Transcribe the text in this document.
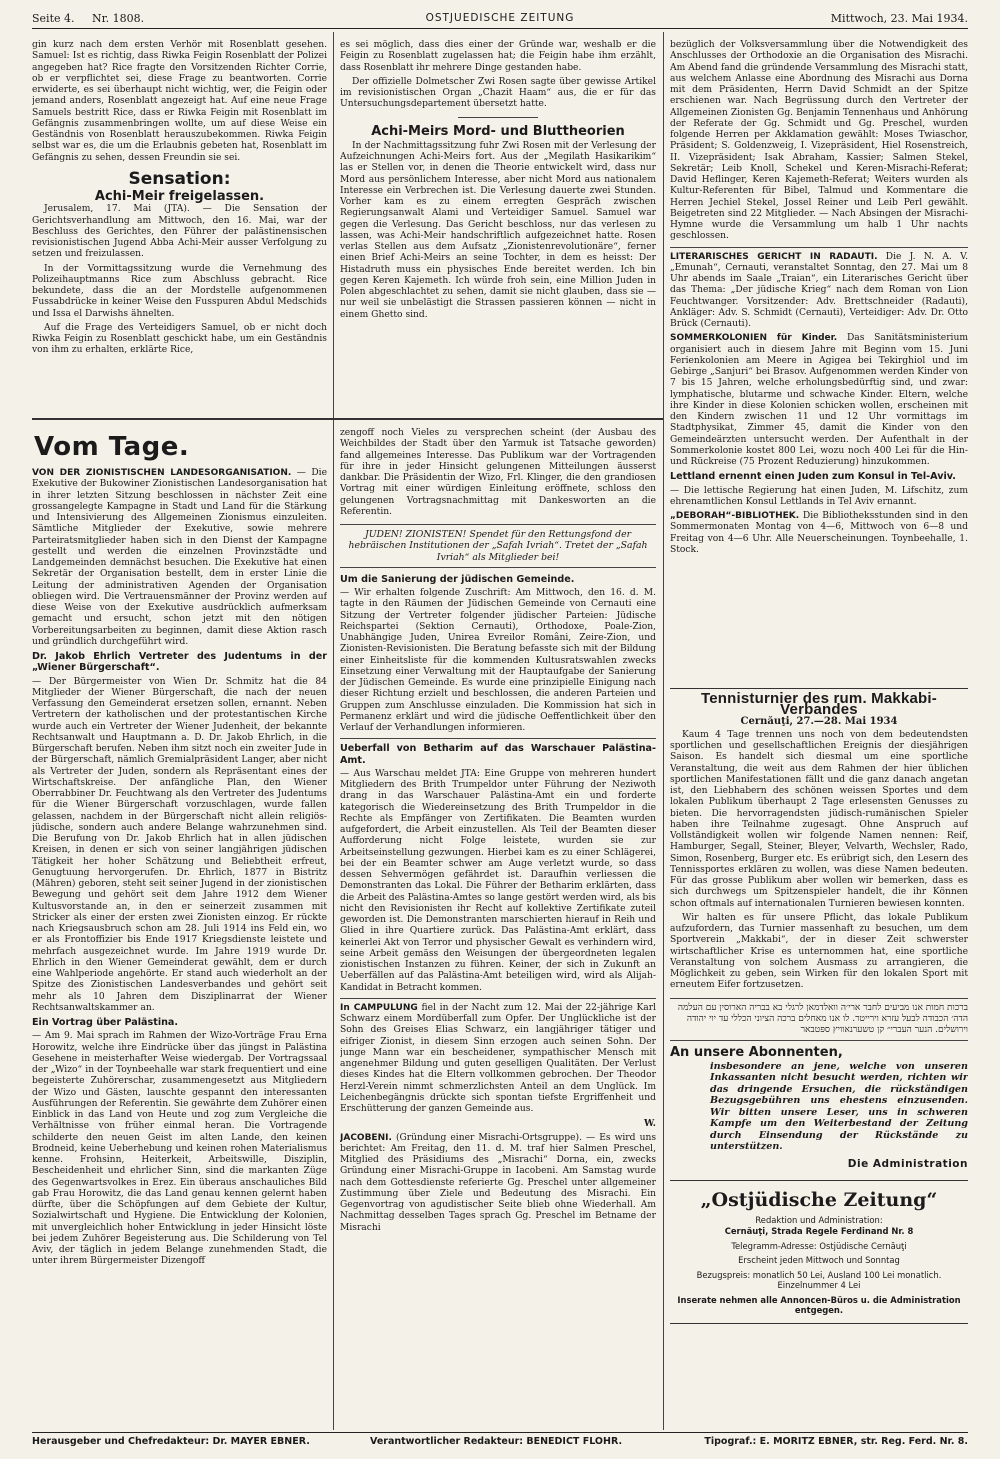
Seite 4. Nr. 1808.	OSTJUEDISCHE ZEITUNG	Mittwoch, 23. Mai 1934.

gin kurz nach dem ersten Verhör mit Rosenblatt gesehen. Samuel: Ist es richtig, dass Riwka Feigin Rosenblatt der Polizei angegeben hat? Rice fragte den Vorsitzenden Richter Corrie, ob er verpflichtet sei, diese Frage zu beantworten. Corrie erwiderte, es sei überhaupt nicht wichtig, wer, die Feigin oder jemand anders, Rosenblatt angezeigt hat. Auf eine neue Frage Samuels bestritt Rice, dass er Riwka Feigin mit Rosenblatt im Gefängnis zusammenbringen wollte, um auf diese Weise ein Geständnis von Rosenblatt herauszubekommen. Riwka Feigin selbst war es, die um die Erlaubnis gebeten hat, Rosenblatt im Gefängnis zu sehen, dessen Freundin sie sei.

Sensation:
Achi-Meir freigelassen.

Jerusalem, 17. Mai (JTA). — Die Sensation der Gerichtsverhandlung am Mittwoch, den 16. Mai, war der Beschluss des Gerichtes, den Führer der palästinensischen revisionistischen Jugend Abba Achi-Meir ausser Verfolgung zu setzen und freizulassen.

In der Vormittagssitzung wurde die Vernehmung des Polizeihauptmanns Rice zum Abschluss gebracht. Rice bekundete, dass die an der Mordstelle aufgenommenen Fussabdrücke in keiner Weise den Fusspuren Abdul Medschids und Issa el Darwishs ähnelten.

Auf die Frage des Verteidigers Samuel, ob er nicht doch Riwka Feigin zu Rosenblatt geschickt habe, um ein Geständnis von ihm zu erhalten, erklärte Rice,

es sei möglich, dass dies einer der Gründe war, weshalb er die Feigin zu Rosenblatt zugelassen hat; die Feigin habe ihm erzählt, dass Rosenblatt ihr mehrere Dinge gestanden habe.

Der offizielle Dolmetscher Zwi Rosen sagte über gewisse Artikel im revisionistischen Organ „Chazit Haam“ aus, die er für das Untersuchungsdepartement übersetzt hatte.

Achi-Meirs Mord- und Bluttheorien

In der Nachmittagssitzung fuhr Zwi Rosen mit der Verlesung der Aufzeichnungen Achi-Meirs fort. Aus der „Megilath Hasikarikim“ las er Stellen vor, in denen die Theorie entwickelt wird, dass nur Mord aus persönlichem Interesse, aber nicht Mord aus nationalem Interesse ein Verbrechen ist. Die Verlesung dauerte zwei Stunden. Vorher kam es zu einem erregten Gespräch zwischen Regierungsanwalt Alami und Verteidiger Samuel. Samuel war gegen die Verlesung. Das Gericht beschloss, nur das verlesen zu lassen, was Achi-Meir handschriftlich aufgezeichnet hatte. Rosen verlas Stellen aus dem Aufsatz „Zionistenrevolutionäre“, ferner einen Brief Achi-Meirs an seine Tochter, in dem es heisst: Der Histadruth muss ein physisches Ende bereitet werden. Ich bin gegen Keren Kajemeth. Ich würde froh sein, eine Million Juden in Polen abgeschlachtet zu sehen, damit sie nicht glauben, dass sie — nur weil sie unbelästigt die Strassen passieren können — nicht in einem Ghetto sind.

Vom Tage.

VON DER ZIONISTISCHEN LANDESORGANISATION. — Die Exekutive der Bukowiner Zionistischen Landesorganisation hat in ihrer letzten Sitzung beschlossen in nächster Zeit eine grossangelegte Kampagne in Stadt und Land für die Stärkung und Intensivierung des Allgemeinen Zionismus einzuleiten. Sämtliche Mitglieder der Exekutive, sowie mehrere Parteiratsmitglieder haben sich in den Dienst der Kampagne gestellt und werden die einzelnen Provinzstädte und Landgemeinden demnächst besuchen. Die Exekutive hat einen Sekretär der Organisation bestellt, dem in erster Linie die Leitung der administrativen Agenden der Organisation obliegen wird. Die Vertrauensmänner der Provinz werden auf diese Weise von der Exekutive ausdrücklich aufmerksam gemacht und ersucht, schon jetzt mit den nötigen Vorbereitungsarbeiten zu beginnen, damit diese Aktion rasch und gründlich durchgeführt wird.

Dr. Jakob Ehrlich Vertreter des Judentums in der „Wiener Bürgerschaft“.

— Der Bürgermeister von Wien Dr. Schmitz hat die 84 Mitglieder der Wiener Bürgerschaft, die nach der neuen Verfassung den Gemeinderat ersetzen sollen, ernannt. Neben Vertretern der katholischen und der protestantischen Kirche wurde auch ein Vertreter der Wiener Judenheit, der bekannte Rechtsanwalt und Hauptmann a. D. Dr. Jakob Ehrlich, in die Bürgerschaft berufen. Neben ihm sitzt noch ein zweiter Jude in der Bürgerschaft, nämlich Gremialpräsident Langer, aber nicht als Vertreter der Juden, sondern als Repräsentant eines der Wirtschaftskreise. Der anfängliche Plan, den Wiener Oberrabbiner Dr. Feuchtwang als den Vertreter des Judentums für die Wiener Bürgerschaft vorzuschlagen, wurde fallen gelassen, nachdem in der Bürgerschaft nicht allein religiös-jüdische, sondern auch andere Belange wahrzunehmen sind. Die Berufung von Dr. Jakob Ehrlich hat in allen jüdischen Kreisen, in denen er sich von seiner langjährigen jüdischen Tätigkeit her hoher Schätzung und Beliebtheit erfreut, Genugtuung hervorgerufen. Dr. Ehrlich, 1877 in Bistritz (Mähren) geboren, steht seit seiner Jugend in der zionistischen Bewegung und gehört seit dem Jahre 1912 dem Wiener Kultusvorstande an, in den er seinerzeit zusammen mit Stricker als einer der ersten zwei Zionisten einzog. Er rückte nach Kriegsausbruch schon am 28. Juli 1914 ins Feld ein, wo er als Frontoffizier bis Ende 1917 Kriegsdienste leistete und mehrfach ausgezeichnet wurde. Im Jahre 1919 wurde Dr. Ehrlich in den Wiener Gemeinderat gewählt, dem er durch eine Wahlperiode angehörte. Er stand auch wiederholt an der Spitze des Zionistischen Landesverbandes und gehört seit mehr als 10 Jahren dem Disziplinarrat der Wiener Rechtsanwaltskammer an.

Ein Vortrag über Palästina.

— Am 9. Mai sprach im Rahmen der Wizo-Vorträge Frau Erna Horowitz, welche ihre Eindrücke über das jüngst in Palästina Gesehene in meisterhafter Weise wiedergab. Der Vortragssaal der „Wizo“ in der Toynbeehalle war stark frequentiert und eine begeisterte Zuhörerschar, zusammengesetzt aus Mitgliedern der Wizo und Gästen, lauschte gespannt den interessanten Ausführungen der Referentin. Sie gewährte dem Zuhörer einen Einblick in das Land von Heute und zog zum Vergleiche die Verhältnisse von früher einmal heran. Die Vortragende schilderte den neuen Geist im alten Lande, den keinen Brodneid, keine Ueberhebung und keinen rohen Materialismus kenne. Frohsinn, Heiterkeit, Arbeitswille, Disziplin, Bescheidenheit und ehrlicher Sinn, sind die markanten Züge des Gegenwartsvolkes in Erez. Ein überaus anschauliches Bild gab Frau Horowitz, die das Land genau kennen gelernt haben dürfte, über die Schöpfungen auf dem Gebiete der Kultur, Sozialwirtschaft und Hygiene. Die Entwicklung der Kolonien, mit unvergleichlich hoher Entwicklung in jeder Hinsicht löste bei jedem Zuhörer Begeisterung aus. Die Schilderung von Tel Aviv, der täglich in jedem Belange zunehmenden Stadt, die unter ihrem Bürgermeister Dizengoff

zengoff noch Vieles zu versprechen scheint (der Ausbau des Weichbildes der Stadt über den Yarmuk ist Tatsache geworden) fand allgemeines Interesse. Das Publikum war der Vortragenden für ihre in jeder Hinsicht gelungenen Mitteilungen äusserst dankbar. Die Präsidentin der Wizo, Frl. Klinger, die den grandiosen Vortrag mit einer würdigen Einleitung eröffnete, schloss den gelungenen Vortragsnachmittag mit Dankesworten an die Referentin.

JUDEN! ZIONISTEN! Spendet für den Rettungsfond der hebräischen Institutionen der „Safah Ivriah“. Tretet der „Safah Ivriah“ als Mitglieder bei!

Um die Sanierung der jüdischen Gemeinde.

— Wir erhalten folgende Zuschrift: Am Mittwoch, den 16. d. M. tagte in den Räumen der Jüdischen Gemeinde von Cernauti eine Sitzung der Vertreter folgender jüdischer Parteien: Jüdische Reichspartei (Sektion Cernauti), Orthodoxe, Poale-Zion, Unabhängige Juden, Unirea Evreilor Români, Zeire-Zion, und Zionisten-Revisionisten. Die Beratung befasste sich mit der Bildung einer Einheitsliste für die kommenden Kultusratswahlen zwecks Einsetzung einer Verwaltung mit der Hauptaufgabe der Sanierung der Jüdischen Gemeinde. Es wurde eine prinzipielle Einigung nach dieser Richtung erzielt und beschlossen, die anderen Parteien und Gruppen zum Anschlusse einzuladen. Die Kommission hat sich in Permanenz erklärt und wird die jüdische Oeffentlichkeit über den Verlauf der Verhandlungen informieren.

Ueberfall von Betharim auf das Warschauer Palästina-Amt.

— Aus Warschau meldet JTA: Eine Gruppe von mehreren hundert Mitgliedern des Brith Trumpeldor unter Führung der Neziwoth drang in das Warschauer Palästina-Amt ein und forderte kategorisch die Wiedereinsetzung des Brith Trumpeldor in die Rechte als Empfänger von Zertifikaten. Die Beamten wurden aufgefordert, die Arbeit einzustellen. Als Teil der Beamten dieser Aufforderung nicht Folge leistete, wurden sie zur Arbeitseinstellung gezwungen. Hierbei kam es zu einer Schlägerei, bei der ein Beamter schwer am Auge verletzt wurde, so dass dessen Sehvermögen gefährdet ist. Daraufhin verliessen die Demonstranten das Lokal. Die Führer der Betharim erklärten, dass die Arbeit des Palästina-Amtes so lange gestört werden wird, als bis nicht den Revisionisten ihr Recht auf kollektive Zertifikate zuteil geworden ist. Die Demonstranten marschierten hierauf in Reih und Glied in ihre Quartiere zurück. Das Palästina-Amt erklärt, dass keinerlei Akt von Terror und physischer Gewalt es verhindern wird, seine Arbeit gemäss den Weisungen der übergeordneten legalen zionistischen Instanzen zu führen. Keiner, der sich in Zukunft an Ueberfällen auf das Palästina-Amt beteiligen wird, wird als Alijah-Kandidat in Betracht kommen.

In CAMPULUNG fiel in der Nacht zum 12. Mai der 22-jährige Karl Schwarz einem Mordüberfall zum Opfer. Der Unglückliche ist der Sohn des Greises Elias Schwarz, ein langjähriger tätiger und eifriger Zionist, in diesem Sinn erzogen auch seinen Sohn. Der junge Mann war ein bescheidener, sympathischer Mensch mit angenehmer Bildung und guten geselligen Qualitäten. Der Verlust dieses Kindes hat die Eltern vollkommen gebrochen. Der Theodor Herzl-Verein nimmt schmerzlichsten Anteil an dem Unglück. Im Leichenbegängnis drückte sich spontan tiefste Ergriffenheit und Erschütterung der ganzen Gemeinde aus.

W.

JACOBENI. (Gründung einer Misrachi-Ortsgruppe). — Es wird uns berichtet: Am Freitag, den 11. d. M. traf hier Salmen Preschel, Mitglied des Präsidiums des „Misrachi“ Dorna, ein, zwecks Gründung einer Misrachi-Gruppe in Iacobeni. Am Samstag wurde nach dem Gottesdienste referierte Gg. Preschel unter allgemeiner Zustimmung über Ziele und Bedeutung des Misrachi. Ein Gegenvortrag von agudistischer Seite blieb ohne Wiederhall. Am Nachmittag desselben Tages sprach Gg. Preschel im Betname der Misrachi

bezüglich der Volksversammlung über die Notwendigkeit des Anschlusses der Orthodoxie an die Organisation des Misrachi. Am Abend fand die gründende Versammlung des Misrachi statt, aus welchem Anlasse eine Abordnung des Misrachi aus Dorna mit dem Präsidenten, Herrn David Schmidt an der Spitze erschienen war. Nach Begrüssung durch den Vertreter der Allgemeinen Zionisten Gg. Benjamin Tennenhaus und Anhörung der Referate der Gg. Schmidt und Gg. Preschel, wurden folgende Herren per Akklamation gewählt: Moses Twiaschor, Präsident; S. Goldenzweig, I. Vizepräsident, Hiel Rosenstreich, II. Vizepräsident; Isak Abraham, Kassier; Salmen Stekel, Sekretär; Leib Knoll, Schekel und Keren-Misrachi-Referat; David Heflinger, Keren Kajemeth-Referat; Weiters wurden als Kultur-Referenten für Bibel, Talmud und Kommentare die Herren Jechiel Stekel, Jossel Reiner und Leib Perl gewählt. Beigetreten sind 22 Mitglieder. — Nach Absingen der Misrachi-Hymne wurde die Versammlung um halb 1 Uhr nachts geschlossen.

LITERARISCHES GERICHT IN RADAUTI. Die J. N. A. V. „Emunah“, Cernauti, veranstaltet Sonntag, den 27. Mai um 8 Uhr abends im Saale „Traian“, ein Literarisches Gericht über das Thema: „Der jüdische Krieg“ nach dem Roman von Lion Feuchtwanger. Vorsitzender: Adv. Brettschneider (Radauti), Ankläger: Adv. S. Schmidt (Cernauti), Verteidiger: Adv. Dr. Otto Brück (Cernauti).

SOMMERKOLONIEN für Kinder. Das Sanitätsministerium organisiert auch in diesem Jahre mit Beginn vom 15. Juni Ferienkolonien am Meere in Agigea bei Tekirghiol und im Gebirge „Sanjuri“ bei Brasov. Aufgenommen werden Kinder von 7 bis 15 Jahren, welche erholungsbedürftig sind, und zwar: lymphatische, blutarme und schwache Kinder. Eltern, welche ihre Kinder in diese Kolonien schicken wollen, erscheinen mit den Kindern zwischen 11 und 12 Uhr vormittags im Stadtphysikat, Zimmer 45, damit die Kinder von den Gemeindeärzten untersucht werden. Der Aufenthalt in der Sommerkolonie kostet 800 Lei, wozu noch 400 Lei für die Hin- und Rückreise (75 Prozent Reduzierung) hinzukommen.

Lettland ernennt einen Juden zum Konsul in Tel-Aviv.

— Die lettische Regierung hat einen Juden, M. Lifschitz, zum ehrenamtlichen Konsul Lettlands in Tel Aviv ernannt.

„DEBORAH“-BIBLIOTHEK. Die Bibliotheksstunden sind in den Sommermonaten Montag von 4—6, Mittwoch von 6—8 und Freitag von 4—6 Uhr. Alle Neuerscheinungen. Toynbeehalle, 1. Stock.

Tennisturnier des rum. Makkabi-Verbandes
Cernăuţi, 27.—28. Mai 1934

Kaum 4 Tage trennen uns noch von dem bedeutendsten sportlichen und gesellschaftlichen Ereignis der diesjährigen Saison. Es handelt sich diesmal um eine sportliche Veranstaltung, die weit aus dem Rahmen der hier üblichen sportlichen Manifestationen fällt und die ganz danach angetan ist, den Liebhabern des schönen weissen Sportes und dem lokalen Publikum überhaupt 2 Tage erlesensten Genusses zu bieten. Die hervorragendsten jüdisch-rumänischen Spieler haben ihre Teilnahme zugesagt. Ohne Anspruch auf Vollständigkeit wollen wir folgende Namen nennen: Reif, Hamburger, Segall, Steiner, Bleyer, Velvarth, Wechsler, Rado, Simon, Rosenberg, Burger etc. Es erübrigt sich, den Lesern des Tennissportes erklären zu wollen, was diese Namen bedeuten. Für das grosse Publikum aber wollen wir bemerken, dass es sich durchwegs um Spitzenspieler handelt, die ihr Können schon oftmals auf internationalen Turnieren bewiesen konnten.

Wir halten es für unsere Pflicht, das lokale Publikum aufzufordern, das Turnier massenhaft zu besuchen, um dem Sportverein „Makkabi“, der in dieser Zeit schwerster wirtschaftlicher Krise es unternommen hat, eine sportliche Veranstaltung von solchem Ausmass zu arrangieren, die Möglichkeit zu geben, sein Wirken für den lokalen Sport mit erneutem Eifer fortzusetzen.

ברכות חמות אנו מביעים לחבר ארי׳ה וואלדמאן לרגלי בא בבריה הארוסין עם העלמה הדה׳ הכבודה לבעל עזרא וירייטר. לו אנו מאחלים ברכה הציוני הכללי עד יוי יהודה וירושלים. הנער העברי״ קן טשערנאוויץ ספּטבאר
An unsere Abonnenten,
insbesondere an jene, welche von unseren Inkassanten nicht besucht werden, richten wir das dringende Ersuchen, die rückständigen Bezugsgebühren uns ehestens einzusenden. Wir bitten unsere Leser, uns in schweren Kampfe um den Weiterbestand der Zeitung durch Einsendung der Rückstände zu unterstützen.
Die Administration
„Ostjüdische Zeitung“
Redaktion und Administration:
Cernăuţi, Strada Regele Ferdinand Nr. 8
Telegramm-Adresse: Ostjüdische Cernăuţi
Erscheint jeden Mittwoch und Sonntag
Bezugspreis: monatlich 50 Lei, Ausland 100 Lei monatlich. Einzelnummer 4 Lei
Inserate nehmen alle Annoncen-Büros u. die Administration entgegen.
Herausgeber und Chefredakteur: Dr. MAYER EBNER.	Verantwortlicher Redakteur: BENEDICT FLOHR.	Tipograf.: E. MORITZ EBNER, str. Reg. Ferd. Nr. 8.
